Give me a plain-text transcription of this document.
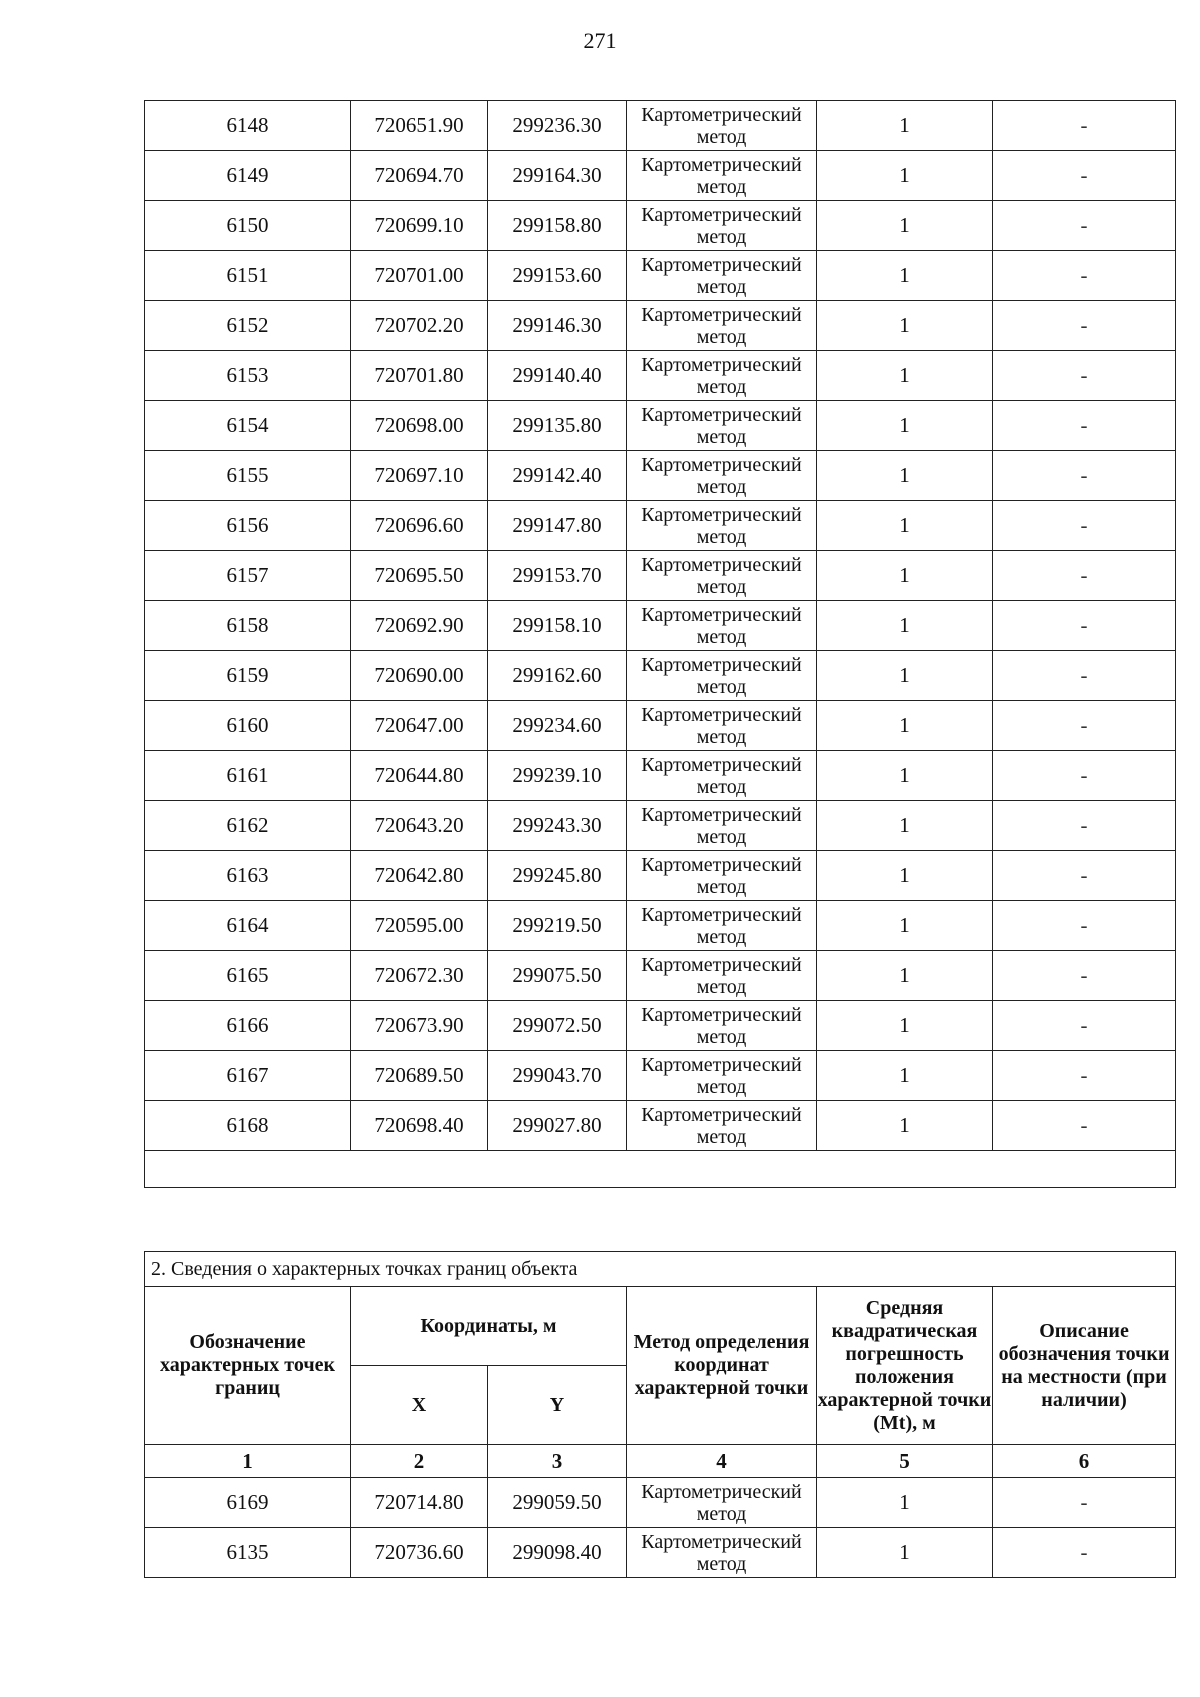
271
6148	720651.90	299236.30	Картометрический метод	1	-
6149	720694.70	299164.30	Картометрический метод	1	-
6150	720699.10	299158.80	Картометрический метод	1	-
6151	720701.00	299153.60	Картометрический метод	1	-
6152	720702.20	299146.30	Картометрический метод	1	-
6153	720701.80	299140.40	Картометрический метод	1	-
6154	720698.00	299135.80	Картометрический метод	1	-
6155	720697.10	299142.40	Картометрический метод	1	-
6156	720696.60	299147.80	Картометрический метод	1	-
6157	720695.50	299153.70	Картометрический метод	1	-
6158	720692.90	299158.10	Картометрический метод	1	-
6159	720690.00	299162.60	Картометрический метод	1	-
6160	720647.00	299234.60	Картометрический метод	1	-
6161	720644.80	299239.10	Картометрический метод	1	-
6162	720643.20	299243.30	Картометрический метод	1	-
6163	720642.80	299245.80	Картометрический метод	1	-
6164	720595.00	299219.50	Картометрический метод	1	-
6165	720672.30	299075.50	Картометрический метод	1	-
6166	720673.90	299072.50	Картометрический метод	1	-
6167	720689.50	299043.70	Картометрический метод	1	-
6168	720698.40	299027.80	Картометрический метод	1	-

2. Сведения о характерных точках границ объекта					
Обозначение характерных точек границ	Координаты, м		Метод определения координат характерной точки	Средняя квадратическая погрешность положения характерной точки (Mt), м	Описание обозначения точки на местности (при наличии)
	X	Y			
1	2	3	4	5	6
6169	720714.80	299059.50	Картометрический метод	1	-
6135	720736.60	299098.40	Картометрический метод	1	-
